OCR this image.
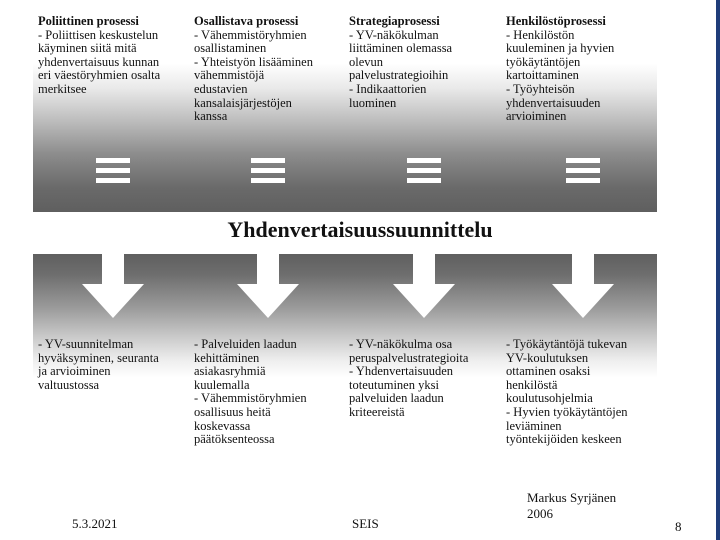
Poliittinen prosessi
- Poliittisen keskustelun
käyminen siitä mitä
yhdenvertaisuus kunnan
eri väestöryhmien osalta
merkitsee
Osallistava prosessi
- Vähemmistöryhmien
osallistaminen
- Yhteistyön lisääminen
vähemmistöjä
edustavien
kansalaisjärjestöjen
kanssa
Strategiaprosessi
- YV-näkökulman
liittäminen olemassa
olevun
palvelustrategioihin
- Indikaattorien
luominen
Henkilöstöprosessi
- Henkilöstön
kuuleminen ja hyvien
työkäytäntöjen
kartoittaminen
- Työyhteisön
yhdenvertaisuuden
arvioiminen
Yhdenvertaisuussuunnittelu
- YV-suunnitelman
hyväksyminen, seuranta
ja arvioiminen
valtuustossa
- Palveluiden laadun
kehittäminen
asiakasryhmiä
kuulemalla
- Vähemmistöryhmien
osallisuus heitä
koskevassa
päätöksenteossa
- YV-näkökulma osa
peruspalvelustrategioita
- Yhdenvertaisuuden
toteutuminen yksi
palveluiden laadun
kriteereistä
- Työkäytäntöjä tukevan
YV-koulutuksen
ottaminen osaksi
henkilöstä
koulutusohjelmia
- Hyvien työkäytäntöjen
leviäminen
työntekijöiden keskeen
5.3.2021	SEIS
Markus Syrjänen
2006
8
